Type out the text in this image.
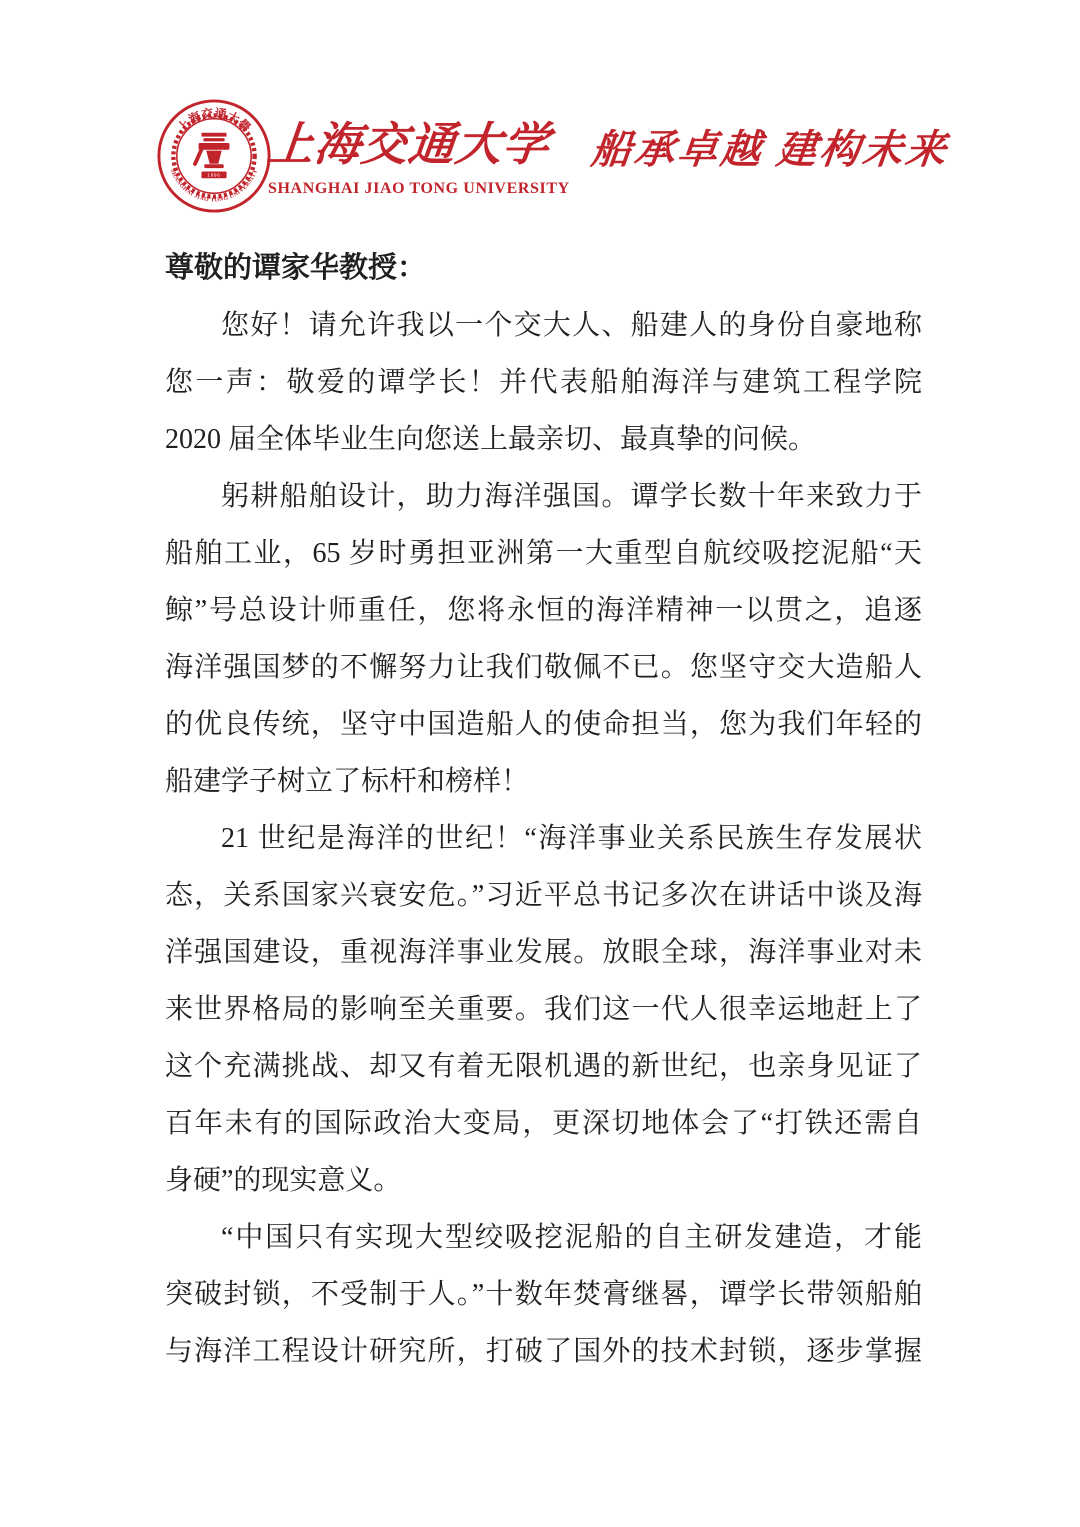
1896
上海交通大學
SHANGHAI JIAO TONG UNIVERSITY
上海交通大学
SHANGHAI JIAO TONG UNIVERSITY
船承卓越 建构未来
尊敬的谭家华教授：
您好！请允许我以一个交大人、船建人的身份自豪地称
您一声：敬爱的谭学长！并代表船舶海洋与建筑工程学院
2020 届全体毕业生向您送上最亲切、最真挚的问候。
躬耕船舶设计，助力海洋强国。谭学长数十年来致力于
船舶工业，65 岁时勇担亚洲第一大重型自航绞吸挖泥船“天
鲸”号总设计师重任，您将永恒的海洋精神一以贯之，追逐
海洋强国梦的不懈努力让我们敬佩不已。您坚守交大造船人
的优良传统，坚守中国造船人的使命担当，您为我们年轻的
船建学子树立了标杆和榜样！
21 世纪是海洋的世纪！“海洋事业关系民族生存发展状
态，关系国家兴衰安危。”习近平总书记多次在讲话中谈及海
洋强国建设，重视海洋事业发展。放眼全球，海洋事业对未
来世界格局的影响至关重要。我们这一代人很幸运地赶上了
这个充满挑战、却又有着无限机遇的新世纪，也亲身见证了
百年未有的国际政治大变局，更深切地体会了“打铁还需自
身硬”的现实意义。
“中国只有实现大型绞吸挖泥船的自主研发建造，才能
突破封锁，不受制于人。”十数年焚膏继晷，谭学长带领船舶
与海洋工程设计研究所，打破了国外的技术封锁，逐步掌握
